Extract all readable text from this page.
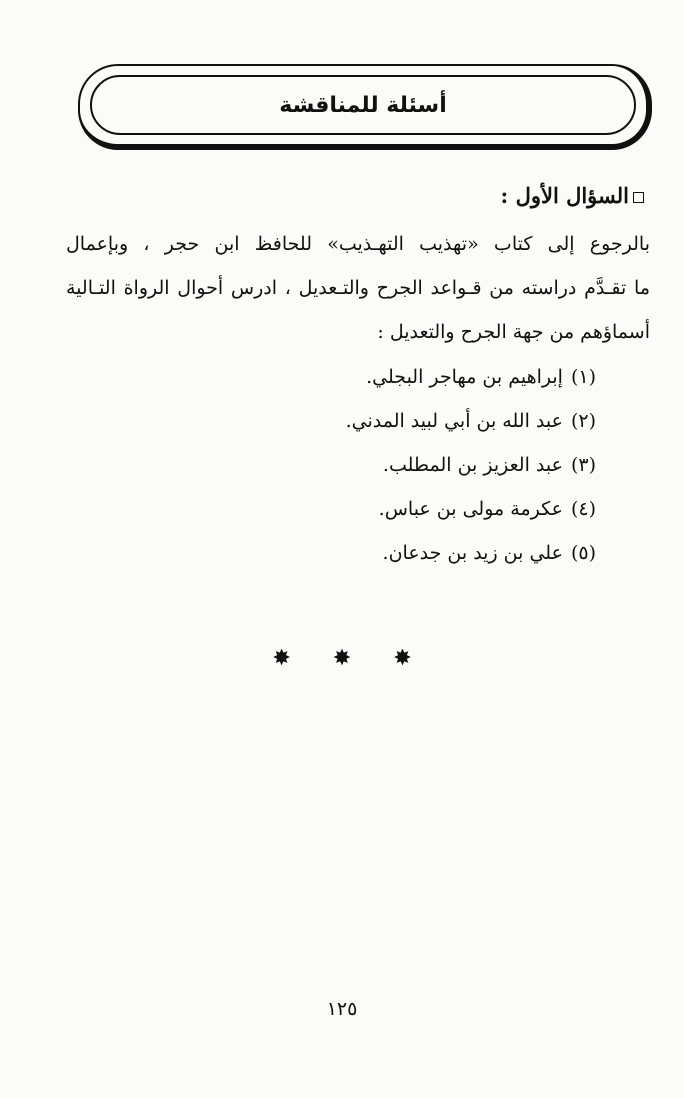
أسئلة للمناقشة
السؤال الأول :
بالرجوع إلى كتاب «تهذيب التهـذيب» للحافظ ابن حجر ، وبإعمال
ما تقـدَّم دراسته من قـواعد الجرح والتـعديل ، ادرس أحوال الرواة التـالية
أسماؤهم من جهة الجرح والتعديل :
(١)إبراهيم بن مهاجر البجلي.
(٢)عبد الله بن أبي لبيد المدني.
(٣)عبد العزيز بن المطلب.
(٤)عكرمة مولى بن عباس.
(٥)علي بن زيد بن جدعان.
✸ ✸ ✸
١٢٥
